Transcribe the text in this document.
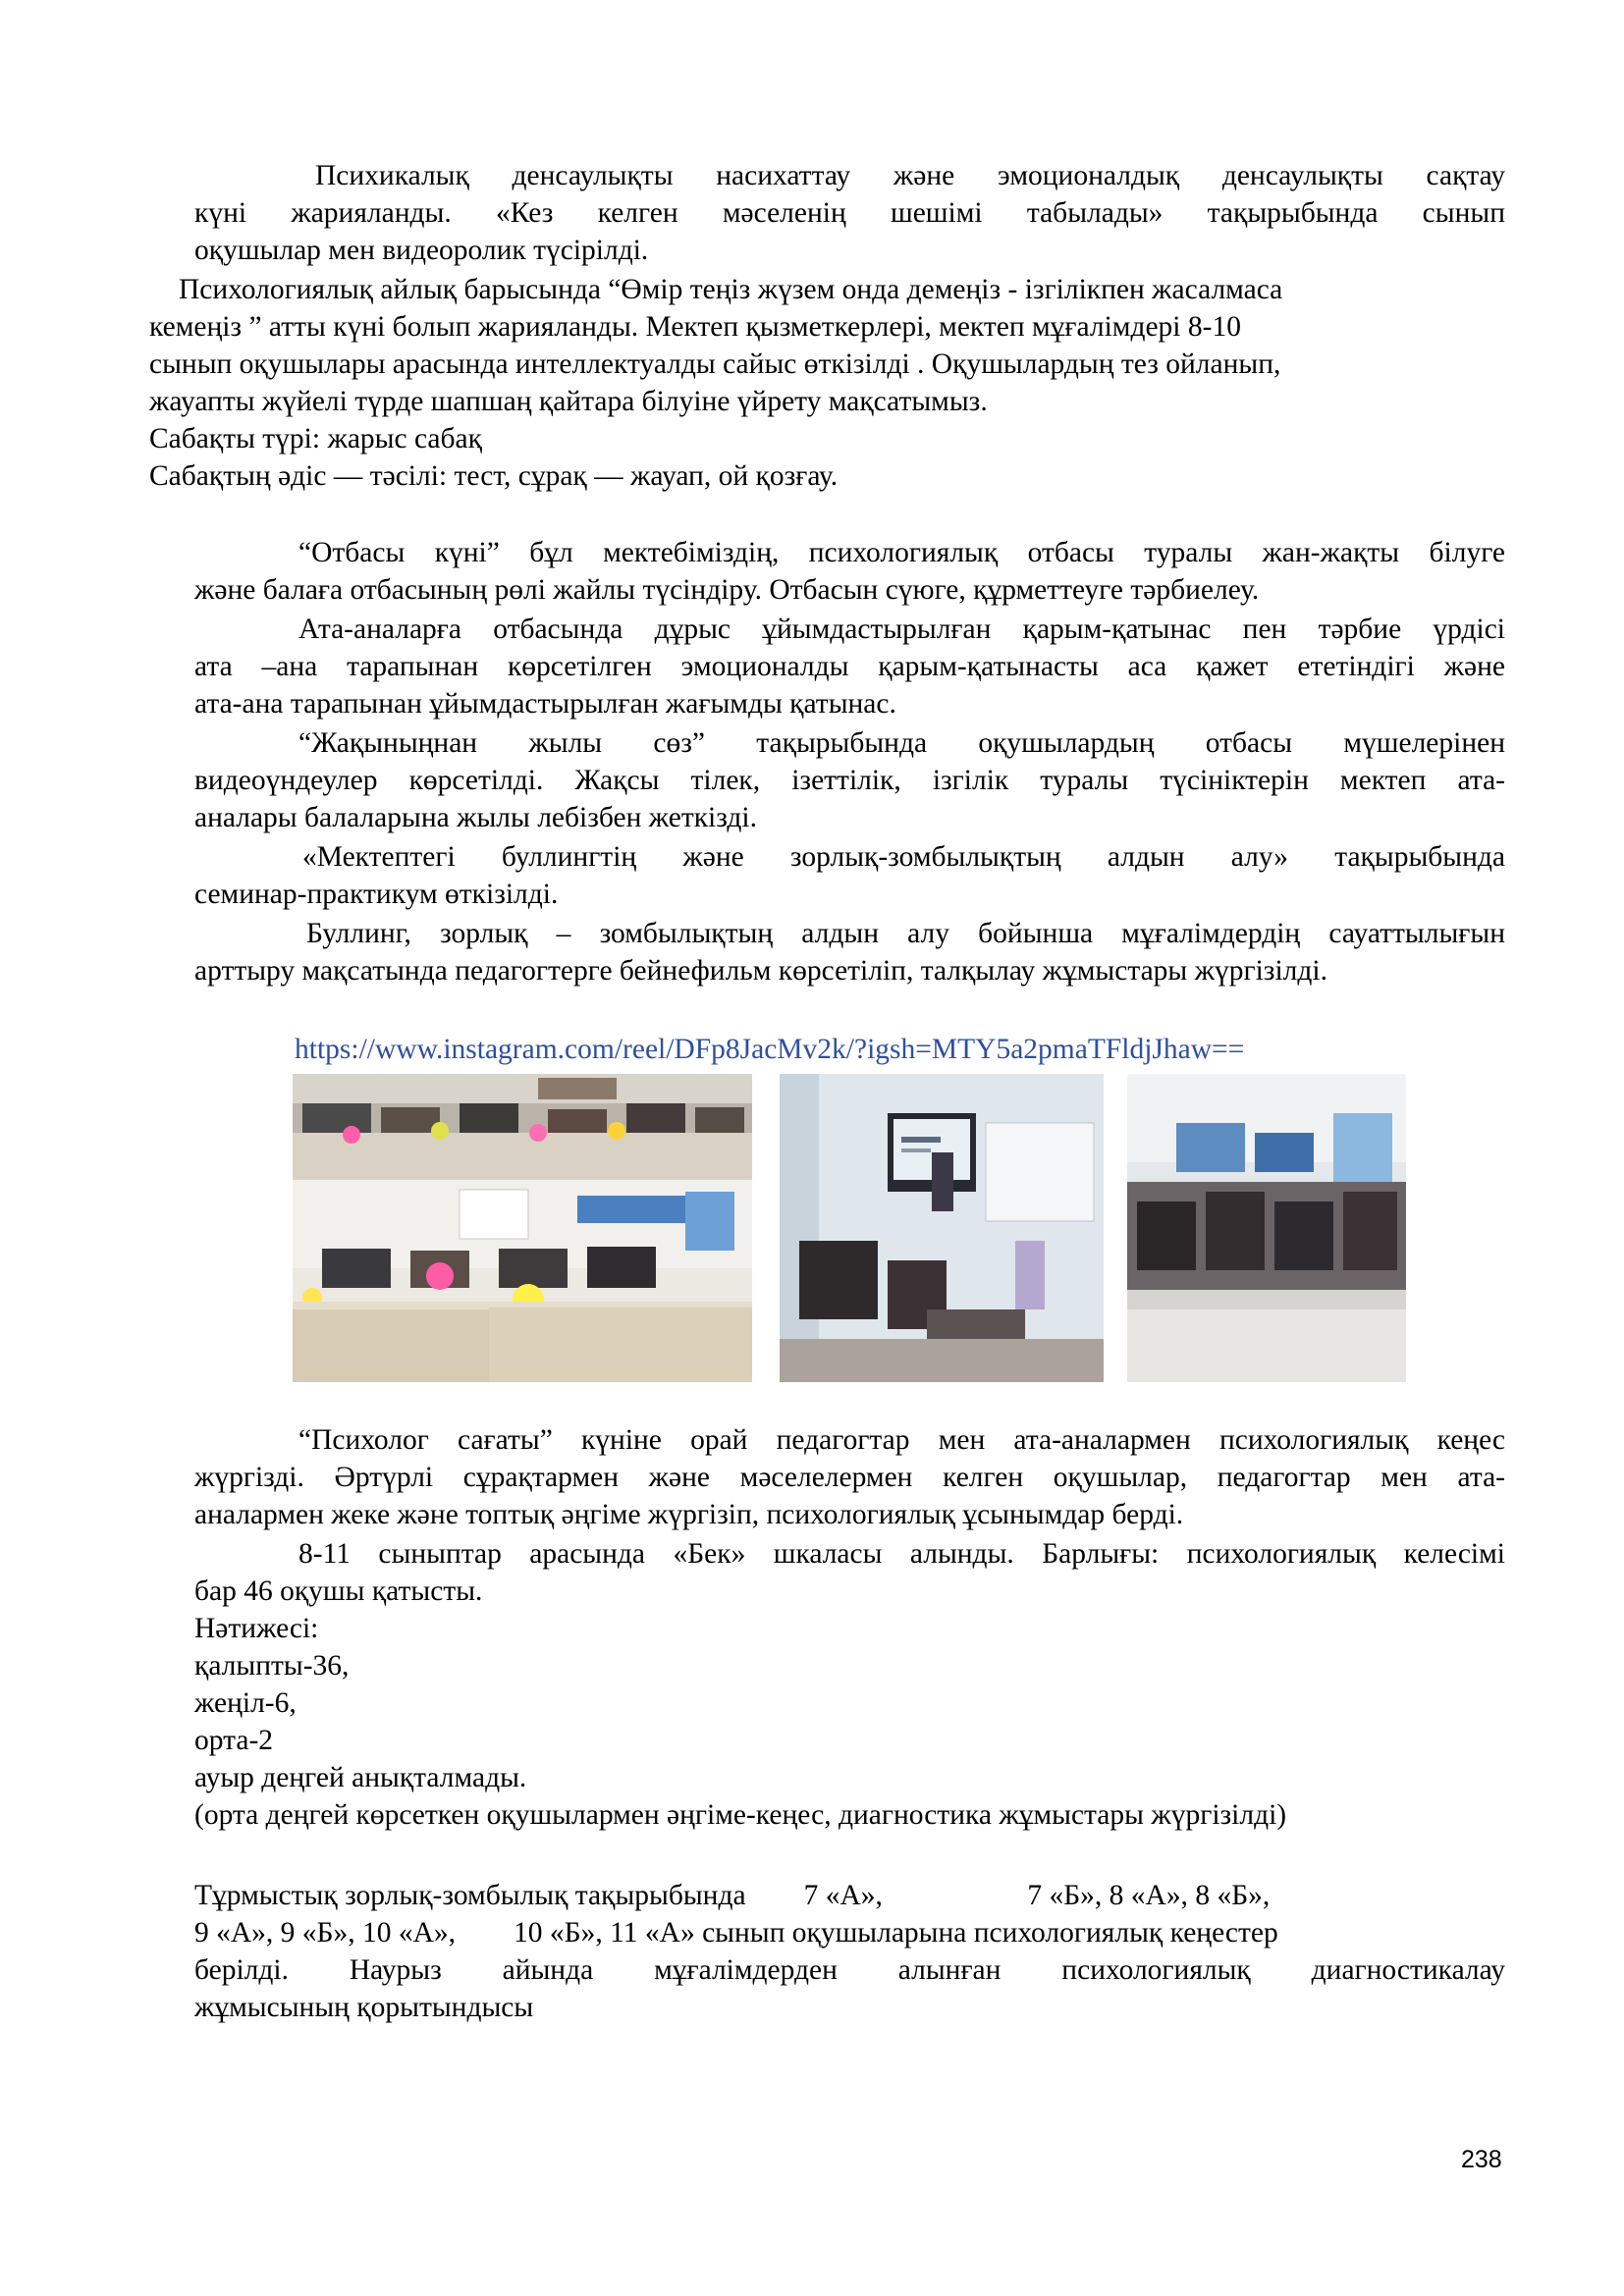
Психикалық денсаулықты насихаттау және эмоционалдық денсаулықты сақтау
күні жарияланды. «Кез келген мәселенің шешімі табылады» тақырыбында сынып
оқушылар мен видеоролик түсірілді.
Психологиялық айлық барысында “Өмір теңіз жүзем онда демеңіз - ізгілікпен жасалмаса
кемеңіз ” атты күні болып жарияланды. Мектеп қызметкерлері, мектеп мұғалімдері 8-10
сынып оқушылары арасында интеллектуалды сайыс өткізілді . Оқушылардың тез ойланып,
жауапты жүйелі түрде шапшаң қайтара білуіне үйрету мақсатымыз.
Сабақты түрі: жарыс сабақ
Сабақтың әдіс — тәсілі: тест, сұрақ — жауап, ой қозғау.
“Отбасы күні” бұл мектебіміздің, психологиялық отбасы туралы жан-жақты білуге
және балаға отбасының рөлі жайлы түсіндіру. Отбасын сүюге, құрметтеуге тәрбиелеу.
Ата-аналарға отбасында дұрыс ұйымдастырылған қарым-қатынас пен тәрбие үрдісі
ата –ана тарапынан көрсетілген эмоционалды қарым-қатынасты аса қажет ететіндігі және
ата-ана тарапынан ұйымдастырылған жағымды қатынас.
“Жақыныңнан жылы сөз” тақырыбында оқушылардың отбасы мүшелерінен
видеоүндеулер көрсетілді. Жақсы тілек, ізеттілік, ізгілік туралы түсініктерін мектеп ата-
аналары балаларына жылы лебізбен жеткізді.
«Мектептегі буллингтің және зорлық-зомбылықтың алдын алу» тақырыбында
семинар-практикум өткізілді.
Буллинг, зорлық – зомбылықтың алдын алу бойынша мұғалімдердің сауаттылығын
арттыру мақсатында педагогтерге бейнефильм көрсетіліп, талқылау жұмыстары жүргізілді.
https://www.instagram.com/reel/DFp8JacMv2k/?igsh=MTY5a2pmaTFldjJhaw==
“Психолог сағаты” күніне орай педагогтар мен ата-аналармен психологиялық кеңес
жүргізді. Әртүрлі сұрақтармен және мәселелермен келген оқушылар, педагогтар мен ата-
аналармен жеке және топтық әңгіме жүргізіп, психологиялық ұсынымдар берді.
8-11 сыныптар арасында «Бек» шкаласы алынды. Барлығы: психологиялық келесімі
бар 46 оқушы қатысты.
Нәтижесі:
қалыпты-36,
жеңіл-6,
орта-2
ауыр деңгей анықталмады.
(орта деңгей көрсеткен оқушылармен әңгіме-кеңес, диагностика жұмыстары жүргізілді)
Тұрмыстық зорлық-зомбылық тақырыбында        7 «А»,                    7 «Б», 8 «А», 8 «Б»,
9 «А», 9 «Б», 10 «А»,        10 «Б», 11 «А» сынып оқушыларына психологиялық кеңестер
берілді. Наурыз айында мұғалімдерден алынған психологиялық диагностикалау
жұмысының қорытындысы
238
